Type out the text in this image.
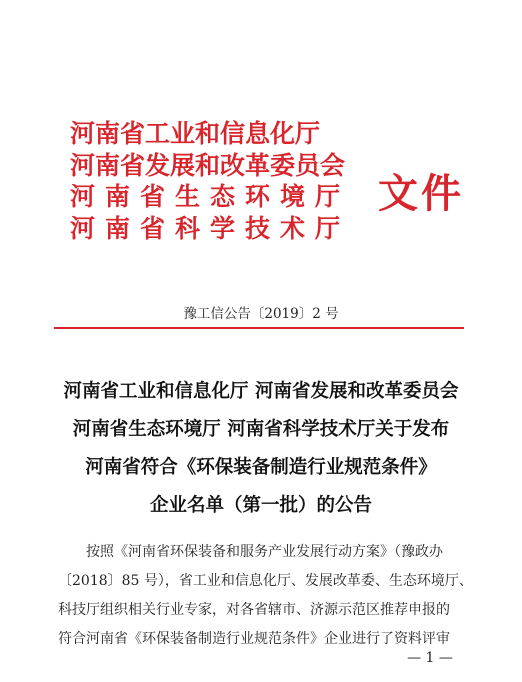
河南省工业和信息化厅
河南省发展和改革委员会
河南省生态环境厅
河南省科学技术厅
文件
豫工信公告〔2019〕2 号
河南省工业和信息化厅 河南省发展和改革委员会
河南省生态环境厅 河南省科学技术厅关于发布
河南省符合《环保装备制造行业规范条件》
企业名单（第一批）的公告

按照《河南省环保装备和服务产业发展行动方案》（豫政办

〔2018〕85 号），省工业和信息化厅、发展改革委、生态环境厅、

科技厅组织相关行业专家，对各省辖市、济源示范区推荐申报的

符合河南省《环保装备制造行业规范条件》企业进行了资料评审

— 1 —
